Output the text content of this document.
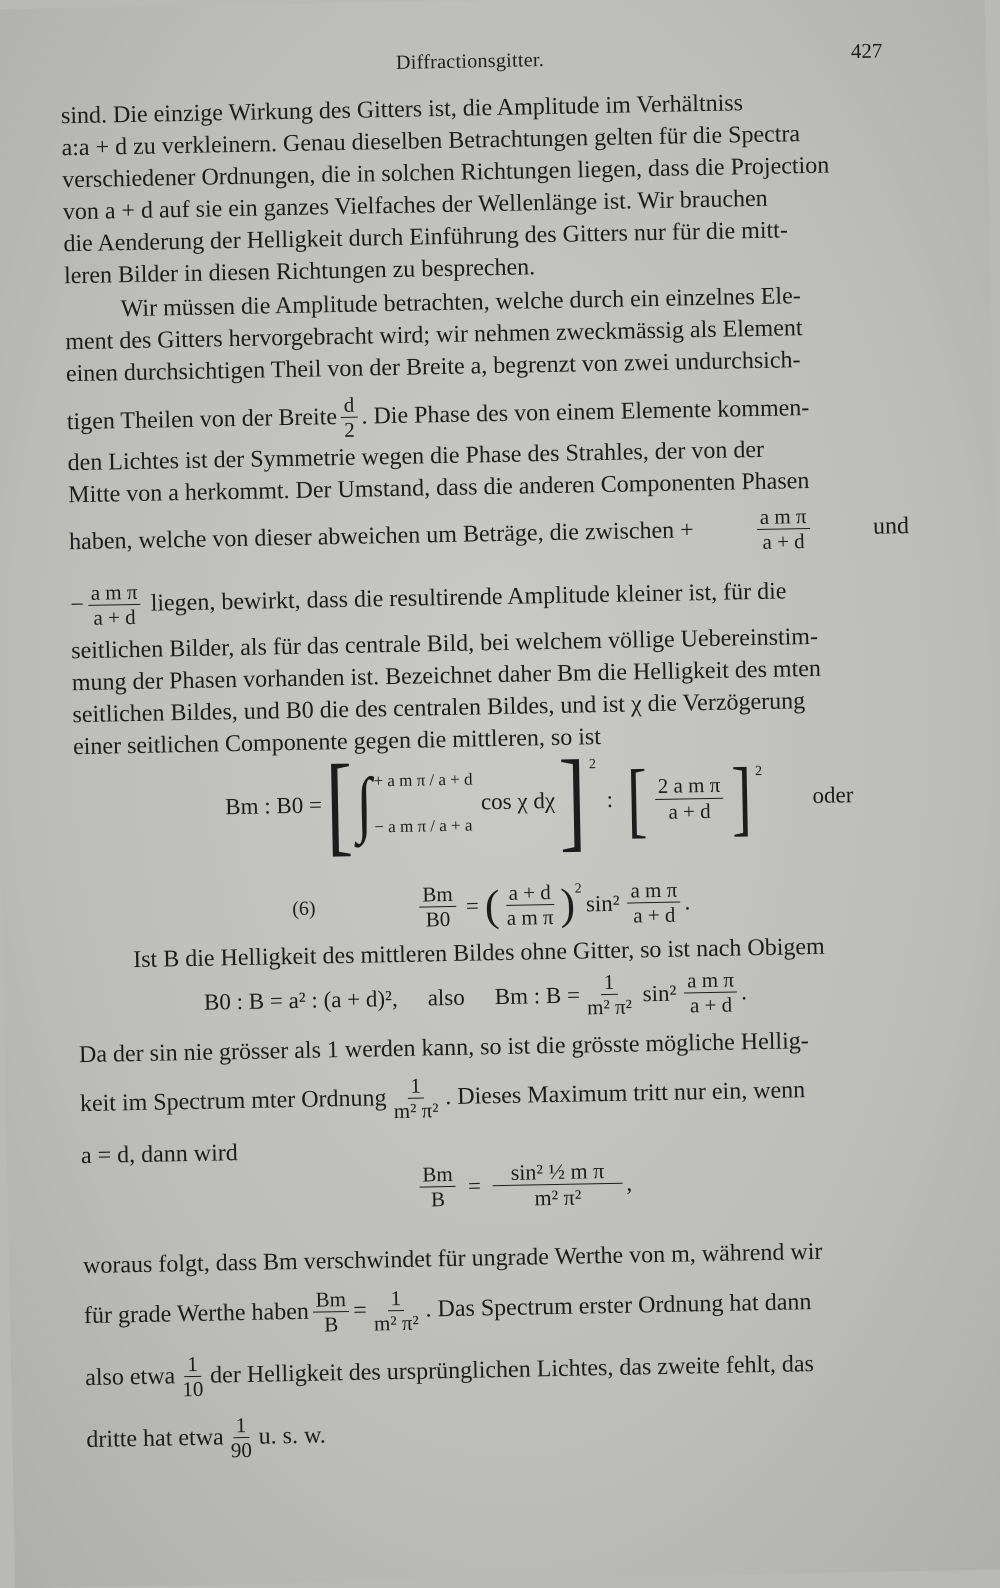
Diffractionsgitter.	427
sind. Die einzige Wirkung des Gitters ist, die Amplitude im Verhältniss
a:a + d zu verkleinern. Genau dieselben Betrachtungen gelten für die Spectra
verschiedener Ordnungen, die in solchen Richtungen liegen, dass die Projection
von a + d auf sie ein ganzes Vielfaches der Wellenlänge ist. Wir brauchen
die Aenderung der Helligkeit durch Einführung des Gitters nur für die mitt-
leren Bilder in diesen Richtungen zu besprechen.
Wir müssen die Amplitude betrachten, welche durch ein einzelnes Ele-
ment des Gitters hervorgebracht wird; wir nehmen zweckmässig als Element
einen durchsichtigen Theil von der Breite a, begrenzt von zwei undurchsich-
tigen Theilen von der Breite $\frac{d}{2}$ . Die Phase des von einem Elemente kommen-
den Lichtes ist der Symmetrie wegen die Phase des Strahles, der von der
Mitte von a herkommt. Der Umstand, dass die anderen Componenten Phasen
haben, welche von dieser abweichen um Beträge, die zwischen +	$\frac{\text{a m π}}{a + d}$	und
− $\frac{\text{a m π}}{a + d}$ liegen, bewirkt, dass die resultirende Amplitude kleiner ist, für die
seitlichen Bilder, als für das centrale Bild, bei welchem völlige Uebereinstim-
mung der Phasen vorhanden ist. Bezeichnet daher Bm die Helligkeit des mten
seitlichen Bildes, und B0 die des centralen Bildes, und ist χ die Verzögerung
einer seitlichen Componente gegen die mittleren, so ist
Bm : B0 = [ ∫ + a m π / a + d
− a m π / a + a
cos χ dχ ] 2
: [ $\frac{\text{2 a m π}}{a + d}$ ] 2
oder
(6)	$\frac{Bm}{B0}$ = ( $\frac{a + d}{\text{a m π}}$ ) 2
$\sin^2 \frac{\text{a m π}}{a + d}$ .
Ist B die Helligkeit des mittleren Bildes ohne Gitter, so ist nach Obigem
B0 : B = a² : (a + d)², also Bm : $B = \frac{1}{\text{m² π²}} \sin^2 \frac{\text{a m π}}{a + d}$ .
Da der sin nie grösser als 1 werden kann, so ist die grösste mögliche Hellig-
keit im Spectrum mter Ordnung $\frac{1}{\text{m² π²}}$ . Dieses Maximum tritt nur ein, wenn
a = d, dann wird
$\frac{Bm}{B} = \frac{\text{sin² ½ m π}}{\text{m² π²}}$ ,
woraus folgt, dass Bm verschwindet für ungrade Werthe von m, während wir
für grade Werthe haben $\frac{Bm}{B} = \frac{1}{\text{m² π²}}$ . Das Spectrum erster Ordnung hat dann
also etwa $\frac{1}{10}$ der Helligkeit des ursprünglichen Lichtes, das zweite fehlt, das
dritte hat etwa $\frac{1}{90} u$. s. w.
